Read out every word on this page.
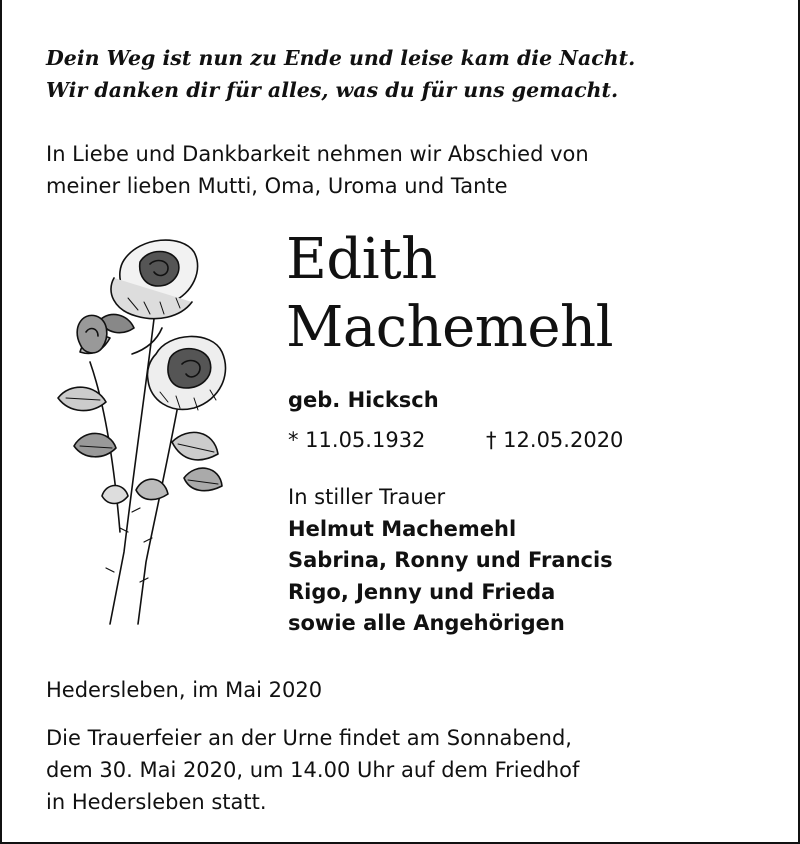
Dein Weg ist nun zu Ende und leise kam die Nacht.
Wir danken dir für alles, was du für uns gemacht.

In Liebe und Dankbarkeit nehmen wir Abschied von
meiner lieben Mutti, Oma, Uroma und Tante

Edith
Machemehl

geb. Hicksch

* 11.05.1932	† 12.05.2020

In stiller Trauer
Helmut Machemehl
Sabrina, Ronny und Francis
Rigo, Jenny und Frieda
sowie alle Angehörigen

Hedersleben, im Mai 2020

Die Trauerfeier an der Urne findet am Sonnabend,
dem 30. Mai 2020, um 14.00 Uhr auf dem Friedhof
in Hedersleben statt.
